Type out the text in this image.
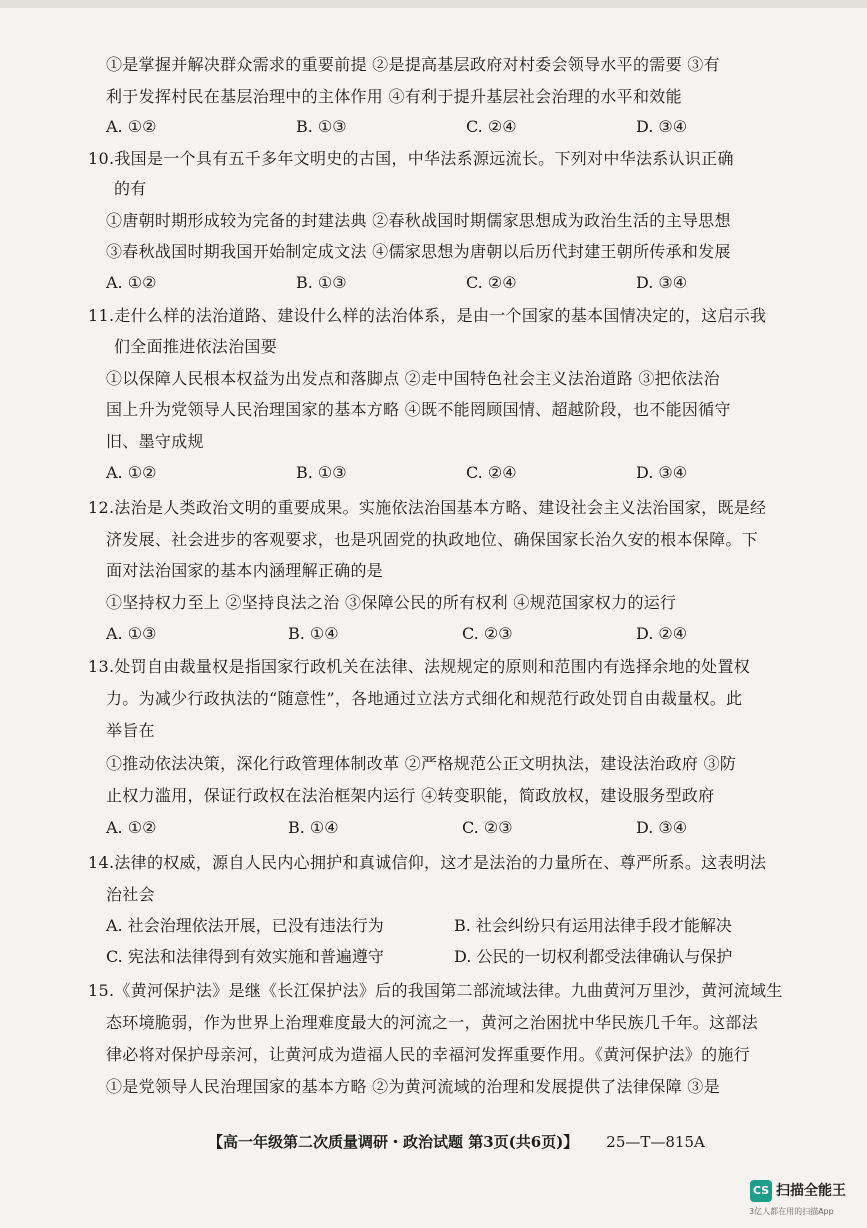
①是掌握并解决群众需求的重要前提 ②是提高基层政府对村委会领导水平的需要 ③有
利于发挥村民在基层治理中的主体作用 ④有利于提升基层社会治理的水平和效能
A. ①②	B. ①③	C. ②④	D. ③④
10.我国是一个具有五千多年文明史的古国，中华法系源远流长。下列对中华法系认识正确
的有
①唐朝时期形成较为完备的封建法典 ②春秋战国时期儒家思想成为政治生活的主导思想
③春秋战国时期我国开始制定成文法 ④儒家思想为唐朝以后历代封建王朝所传承和发展
A. ①②	B. ①③	C. ②④	D. ③④
11.走什么样的法治道路、建设什么样的法治体系，是由一个国家的基本国情决定的，这启示我
们全面推进依法治国要
①以保障人民根本权益为出发点和落脚点 ②走中国特色社会主义法治道路 ③把依法治
国上升为党领导人民治理国家的基本方略 ④既不能罔顾国情、超越阶段，也不能因循守
旧、墨守成规
A. ①②	B. ①③	C. ②④	D. ③④
12.法治是人类政治文明的重要成果。实施依法治国基本方略、建设社会主义法治国家，既是经
济发展、社会进步的客观要求，也是巩固党的执政地位、确保国家长治久安的根本保障。下
面对法治国家的基本内涵理解正确的是
①坚持权力至上 ②坚持良法之治 ③保障公民的所有权利 ④规范国家权力的运行
A. ①③	B. ①④	C. ②③	D. ②④
13.处罚自由裁量权是指国家行政机关在法律、法规规定的原则和范围内有选择余地的处置权
力。为减少行政执法的“随意性”，各地通过立法方式细化和规范行政处罚自由裁量权。此
举旨在
①推动依法决策，深化行政管理体制改革 ②严格规范公正文明执法，建设法治政府 ③防
止权力滥用，保证行政权在法治框架内运行 ④转变职能，简政放权，建设服务型政府
A. ①②	B. ①④	C. ②③	D. ③④
14.法律的权威，源自人民内心拥护和真诚信仰，这才是法治的力量所在、尊严所系。这表明法
治社会
A. 社会治理依法开展，已没有违法行为	B. 社会纠纷只有运用法律手段才能解决
C. 宪法和法律得到有效实施和普遍遵守	D. 公民的一切权利都受法律确认与保护
15.《黄河保护法》是继《长江保护法》后的我国第二部流域法律。九曲黄河万里沙，黄河流域生
态环境脆弱，作为世界上治理难度最大的河流之一，黄河之治困扰中华民族几千年。这部法
律必将对保护母亲河，让黄河成为造福人民的幸福河发挥重要作用。《黄河保护法》的施行
①是党领导人民治理国家的基本方略 ②为黄河流域的治理和发展提供了法律保障 ③是
【高一年级第二次质量调研・政治试题 第3页(共6页)】 25—T—815A
CS 扫描全能王
3亿人都在用的扫描App
